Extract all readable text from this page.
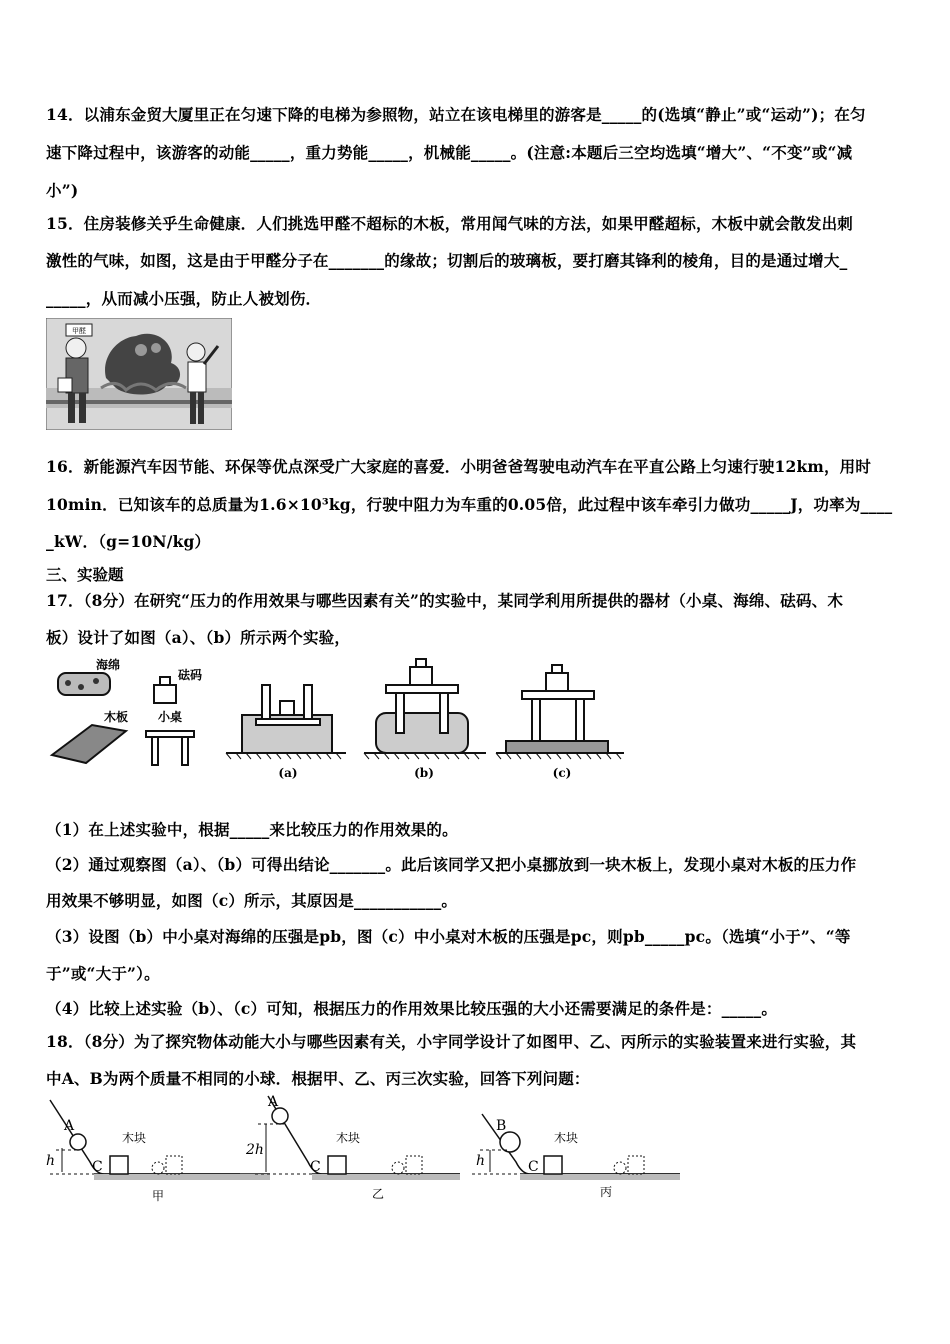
14．以浦东金贸大厦里正在匀速下降的电梯为参照物，站立在该电梯里的游客是_____的(选填“静止”或“运动”)；在匀
速下降过程中，该游客的动能_____，重力势能_____，机械能_____。(注意:本题后三空均选填“增大”、“不变”或“减
小”)
15．住房装修关乎生命健康．人们挑选甲醛不超标的木板，常用闻气味的方法，如果甲醛超标，木板中就会散发出刺
激性的气味，如图，这是由于甲醛分子在_______的缘故；切割后的玻璃板，要打磨其锋利的棱角，目的是通过增大_
_____，从而减小压强，防止人被划伤．
甲醛
16．新能源汽车因节能、环保等优点深受广大家庭的喜爱．小明爸爸驾驶电动汽车在平直公路上匀速行驶12km，用时
10min．已知该车的总质量为1.6×10³kg，行驶中阻力为车重的0.05倍，此过程中该车牵引力做功_____J，功率为____
_kW．（g=10N/kg）
三、实验题
17．（8分）在研究“压力的作用效果与哪些因素有关”的实验中，某同学利用所提供的器材（小桌、海绵、砝码、木
板）设计了如图（a）、（b）所示两个实验，
海绵
砝码
木板 小桌
(a)	(b)	(c)
（1）在上述实验中，根据_____来比较压力的作用效果的。
（2）通过观察图（a）、（b）可得出结论_______。此后该同学又把小桌挪放到一块木板上，发现小桌对木板的压力作
用效果不够明显，如图（c）所示，其原因是___________。
（3）设图（b）中小桌对海绵的压强是pb，图（c）中小桌对木板的压强是pc，则pb_____pc。（选填“小于”、“等
于”或“大于”）。
（4）比较上述实验（b）、（c）可知，根据压力的作用效果比较压强的大小还需要满足的条件是：_____。
18．（8分）为了探究物体动能大小与哪些因素有关，小宇同学设计了如图甲、乙、丙所示的实验装置来进行实验，其
中A、B为两个质量不相同的小球．根据甲、乙、丙三次实验，回答下列问题：
A
h	C
木块
甲
A
2h
C
木块
乙
B
h	C
木块
丙
